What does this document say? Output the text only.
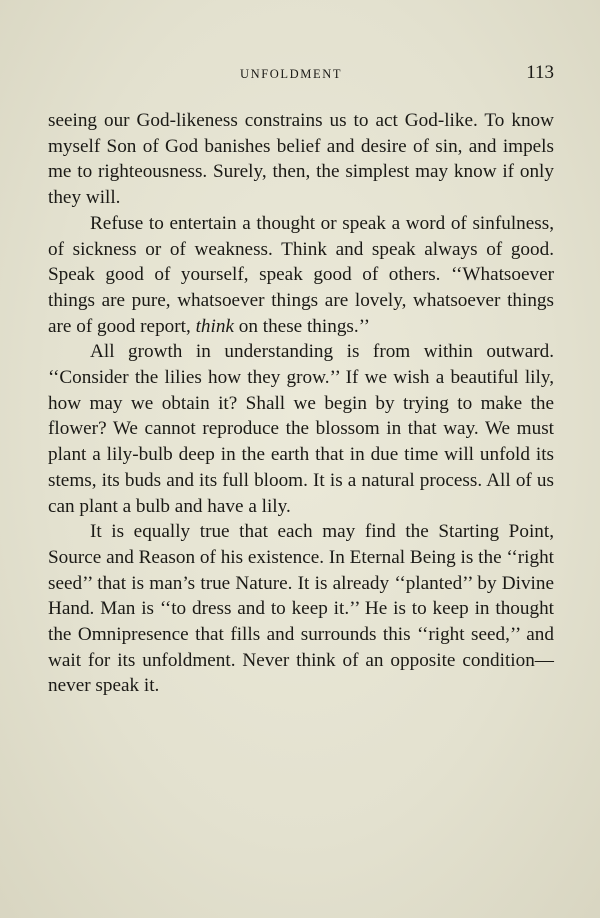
UNFOLDMENT	113

seeing our God-likeness constrains us to act God-like. To know myself Son of God banishes belief and desire of sin, and impels me to righteousness. Surely, then, the simplest may know if only they will.

Refuse to entertain a thought or speak a word of sinfulness, of sickness or of weakness. Think and speak always of good. Speak good of yourself, speak good of others. ‘‘Whatsoever things are pure, whatsoever things are lovely, whatsoever things are of good report, think on these things.’’

All growth in understanding is from within outward. ‘‘Consider the lilies how they grow.’’ If we wish a beautiful lily, how may we obtain it? Shall we begin by trying to make the flower? We cannot reproduce the blossom in that way. We must plant a lily-bulb deep in the earth that in due time will unfold its stems, its buds and its full bloom. It is a natural process. All of us can plant a bulb and have a lily.

It is equally true that each may find the Starting Point, Source and Reason of his existence. In Eternal Being is the ‘‘right seed’’ that is man’s true Nature. It is already ‘‘planted’’ by Divine Hand. Man is ‘‘to dress and to keep it.’’ He is to keep in thought the Omnipresence that fills and surrounds this ‘‘right seed,’’ and wait for its unfoldment. Never think of an opposite condition—never speak it.
